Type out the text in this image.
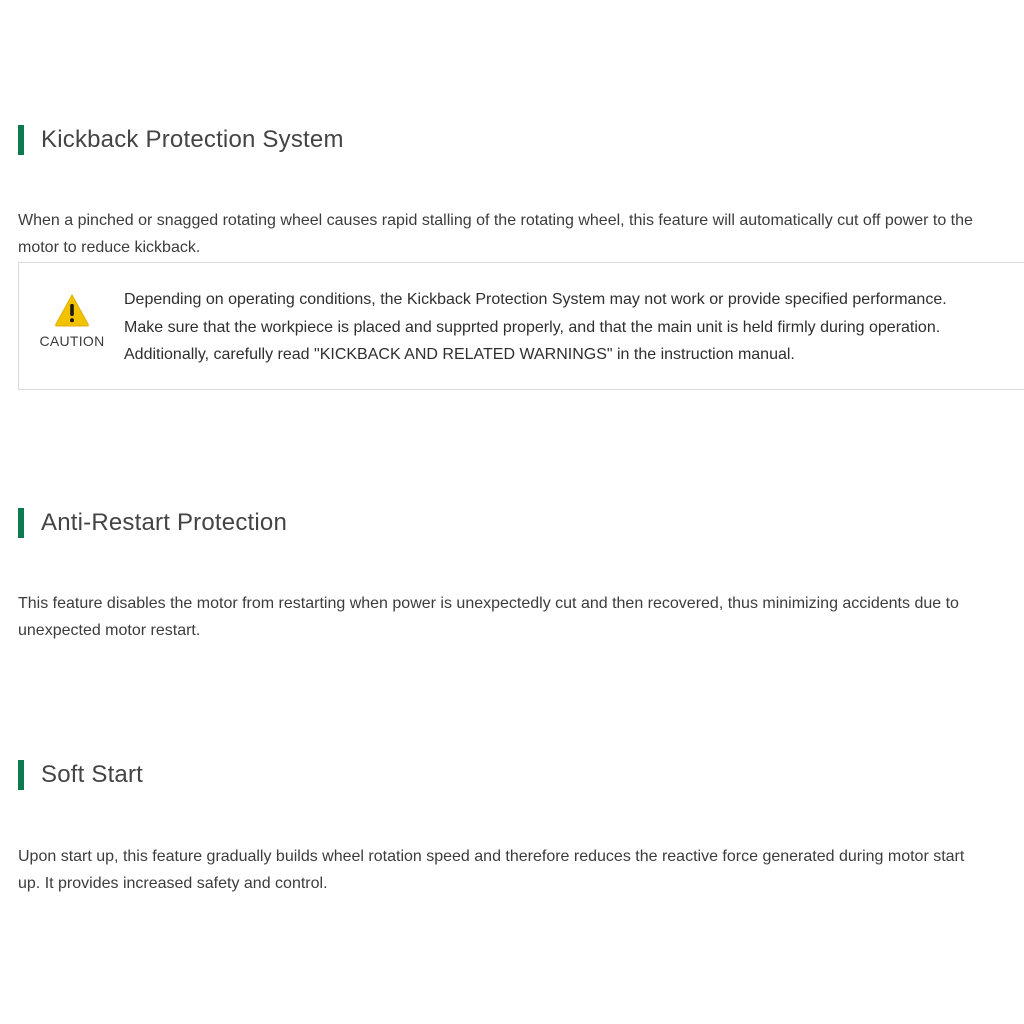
Kickback Protection System

When a pinched or snagged rotating wheel causes rapid stalling of the rotating wheel, this feature will automatically cut off power to the
motor to reduce kickback.

CAUTION
Depending on operating conditions, the Kickback Protection System may not work or provide specified performance.
Make sure that the workpiece is placed and supprted properly, and that the main unit is held firmly during operation.
Additionally, carefully read "KICKBACK AND RELATED WARNINGS" in the instruction manual.
Anti-Restart Protection

This feature disables the motor from restarting when power is unexpectedly cut and then recovered, thus minimizing accidents due to
unexpected motor restart.

Soft Start

Upon start up, this feature gradually builds wheel rotation speed and therefore reduces the reactive force generated during motor start
up. It provides increased safety and control.
